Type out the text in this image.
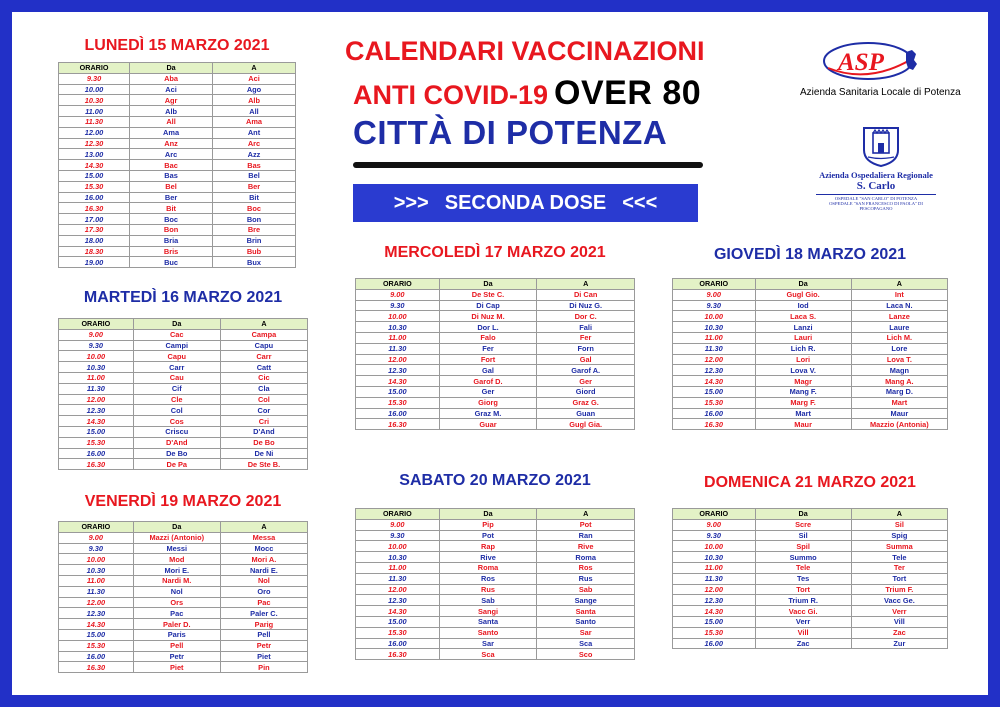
CALENDARI VACCINAZIONI
ANTI COVID-19 OVER 80
CITTÀ DI POTENZA
>>> SECONDA DOSE <<<
ASP
Azienda Sanitaria Locale di Potenza
Azienda Ospedaliera Regionale
S. Carlo
OSPEDALE "SAN CARLO" DI POTENZA
OSPEDALE "SAN FRANCESCO DI PAOLA" DI PESCOPAGANO
LUNEDÌ 15 MARZO 2021
MARTEDÌ 16 MARZO 2021
VENERDÌ 19 MARZO 2021
MERCOLEDÌ 17 MARZO 2021	GIOVEDÌ 18 MARZO 2021
SABATO 20 MARZO 2021	DOMENICA 21 MARZO 2021
ORARIO	Da	A
9.30	Aba	Aci
10.00	Aci	Ago
10.30	Agr	Alb
11.00	Alb	All
11.30	All	Ama
12.00	Ama	Ant
12.30	Anz	Arc
13.00	Arc	Azz
14.30	Bac	Bas
15.00	Bas	Bel
15.30	Bel	Ber
16.00	Ber	Bit
16.30	Bit	Boc
17.00	Boc	Bon
17.30	Bon	Bre
18.00	Bria	Brin
18.30	Bris	Bub
19.00	Buc	Bux
ORARIO	Da	A
9.00	Cac	Campa
9.30	Campi	Capu
10.00	Capu	Carr
10.30	Carr	Catt
11.00	Cau	Cic
11.30	Cif	Cla
12.00	Cle	Col
12.30	Col	Cor
14.30	Cos	Cri
15.00	Criscu	D'And
15.30	D'And	De Bo
16.00	De Bo	De Ni
16.30	De Pa	De Ste B.
ORARIO	Da	A
9.00	Mazzi (Antonio)	Messa
9.30	Messi	Mocc
10.00	Mod	Mori A.
10.30	Mori E.	Nardi E.
11.00	Nardi M.	Nol
11.30	Nol	Oro
12.00	Ors	Pac
12.30	Pac	Paler C.
14.30	Paler D.	Parig
15.00	Paris	Pell
15.30	Pell	Petr
16.00	Petr	Piet
16.30	Piet	Pin
ORARIO	Da	A
9.00	De Ste C.	Di Can
9.30	Di Cap	Di Nuz G.
10.00	Di Nuz M.	Dor C.
10.30	Dor L.	Fali
11.00	Falo	Fer
11.30	Fer	Forn
12.00	Fort	Gal
12.30	Gal	Garof A.
14.30	Garof D.	Ger
15.00	Ger	Giord
15.30	Giorg	Graz G.
16.00	Graz M.	Guan
16.30	Guar	Gugl Gia.
ORARIO	Da	A
9.00	Gugl Gio.	Int
9.30	Iod	Laca N.
10.00	Laca S.	Lanze
10.30	Lanzi	Laure
11.00	Lauri	Lich M.
11.30	Lich R.	Lore
12.00	Lori	Lova T.
12.30	Lova V.	Magn
14.30	Magr	Mang A.
15.00	Mang F.	Marg D.
15.30	Marg F.	Mart
16.00	Mart	Maur
16.30	Maur	Mazzio (Antonia)
ORARIO	Da	A
9.00	Pip	Pot
9.30	Pot	Ran
10.00	Rap	Rive
10.30	Rive	Roma
11.00	Roma	Ros
11.30	Ros	Rus
12.00	Rus	Sab
12.30	Sab	Sange
14.30	Sangi	Santa
15.00	Santa	Santo
15.30	Santo	Sar
16.00	Sar	Sca
16.30	Sca	Sco
ORARIO	Da	A
9.00	Scre	Sil
9.30	Sil	Spig
10.00	Spil	Summa
10.30	Summo	Tele
11.00	Tele	Ter
11.30	Tes	Tort
12.00	Tort	Trium F.
12.30	Trium R.	Vacc Ge.
14.30	Vacc Gi.	Verr
15.00	Verr	Vill
15.30	Vill	Zac
16.00	Zac	Zur
